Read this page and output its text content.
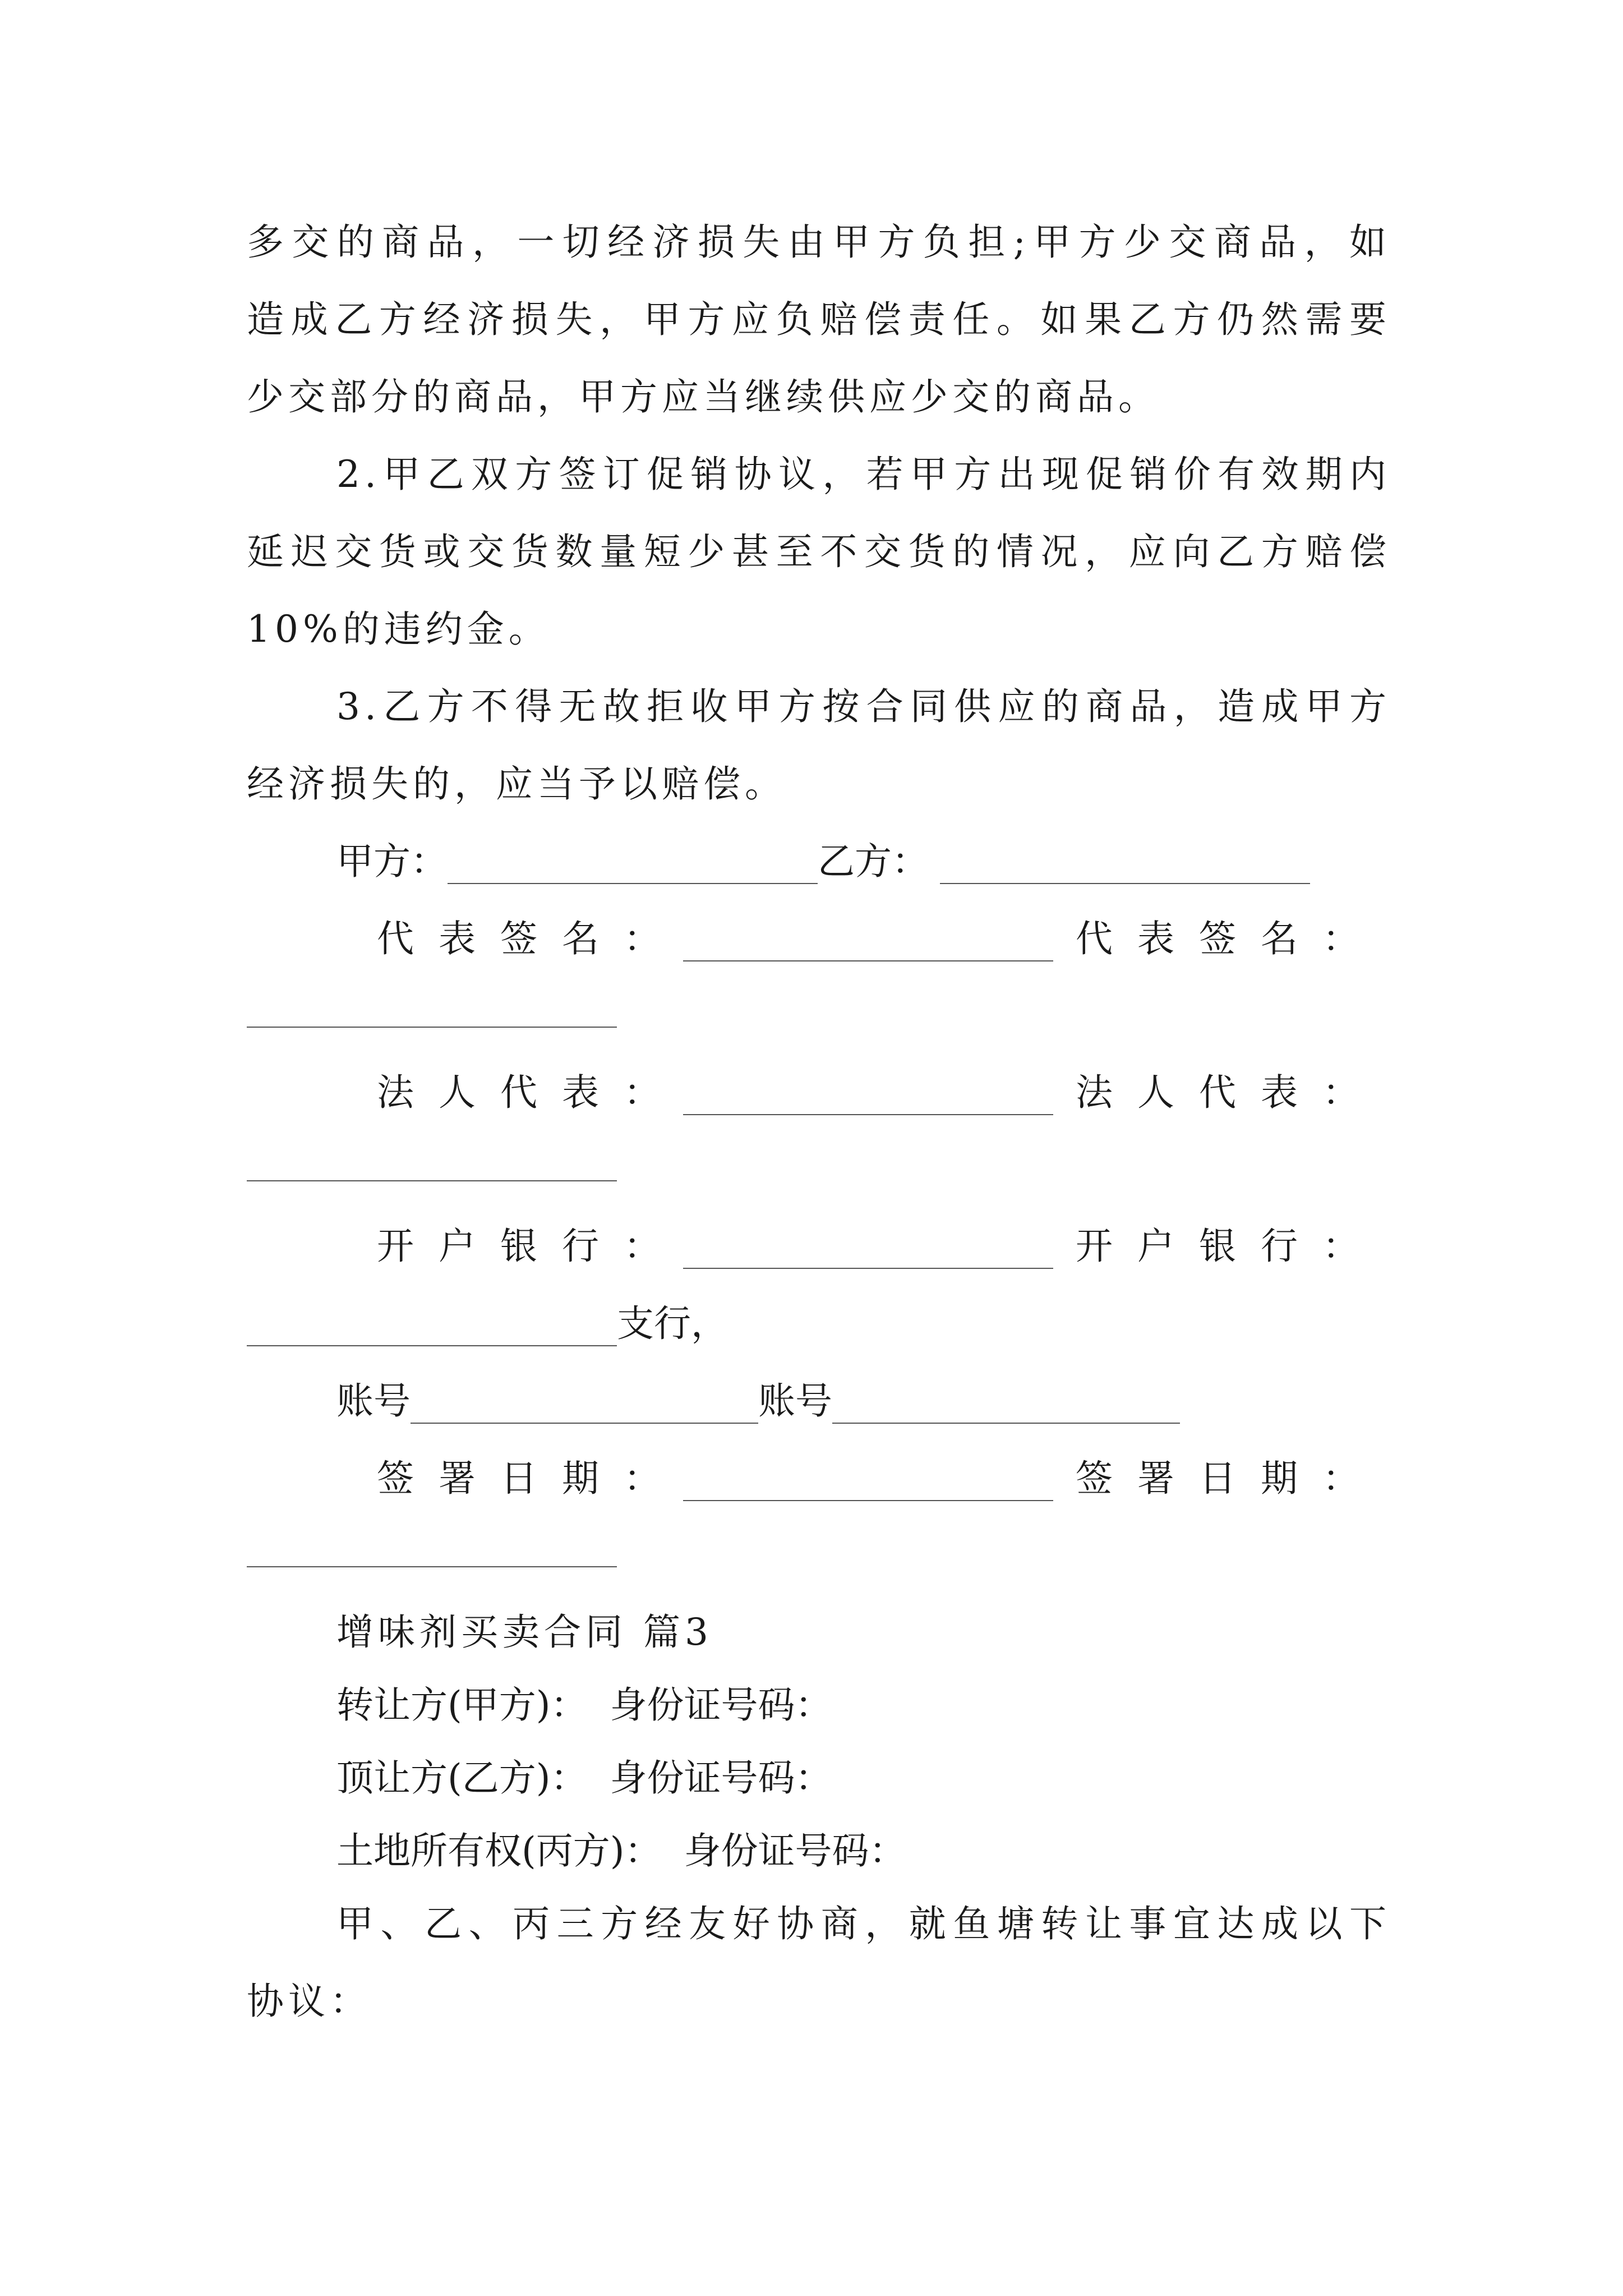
多交的商品，一切经济损失由甲方负担;甲方少交商品，如
造成乙方经济损失，甲方应负赔偿责任。如果乙方仍然需要
少交部分的商品，甲方应当继续供应少交的商品。
2.甲乙双方签订促销协议，若甲方出现促销价有效期内
延迟交货或交货数量短少甚至不交货的情况，应向乙方赔偿
10%的违约金。
3.乙方不得无故拒收甲方按合同供应的商品，造成甲方
经济损失的，应当予以赔偿。
甲方：	乙方：
代表签名：	代表签名：
法人代表：	法人代表：
开户银行：	开户银行：
支行，
账号	账号
签署日期：	签署日期：
增味剂买卖合同 篇3
转让方(甲方)： 身份证号码：
顶让方(乙方)： 身份证号码：
土地所有权(丙方)： 身份证号码：
甲、乙、丙三方经友好协商，就鱼塘转让事宜达成以下
协议：
